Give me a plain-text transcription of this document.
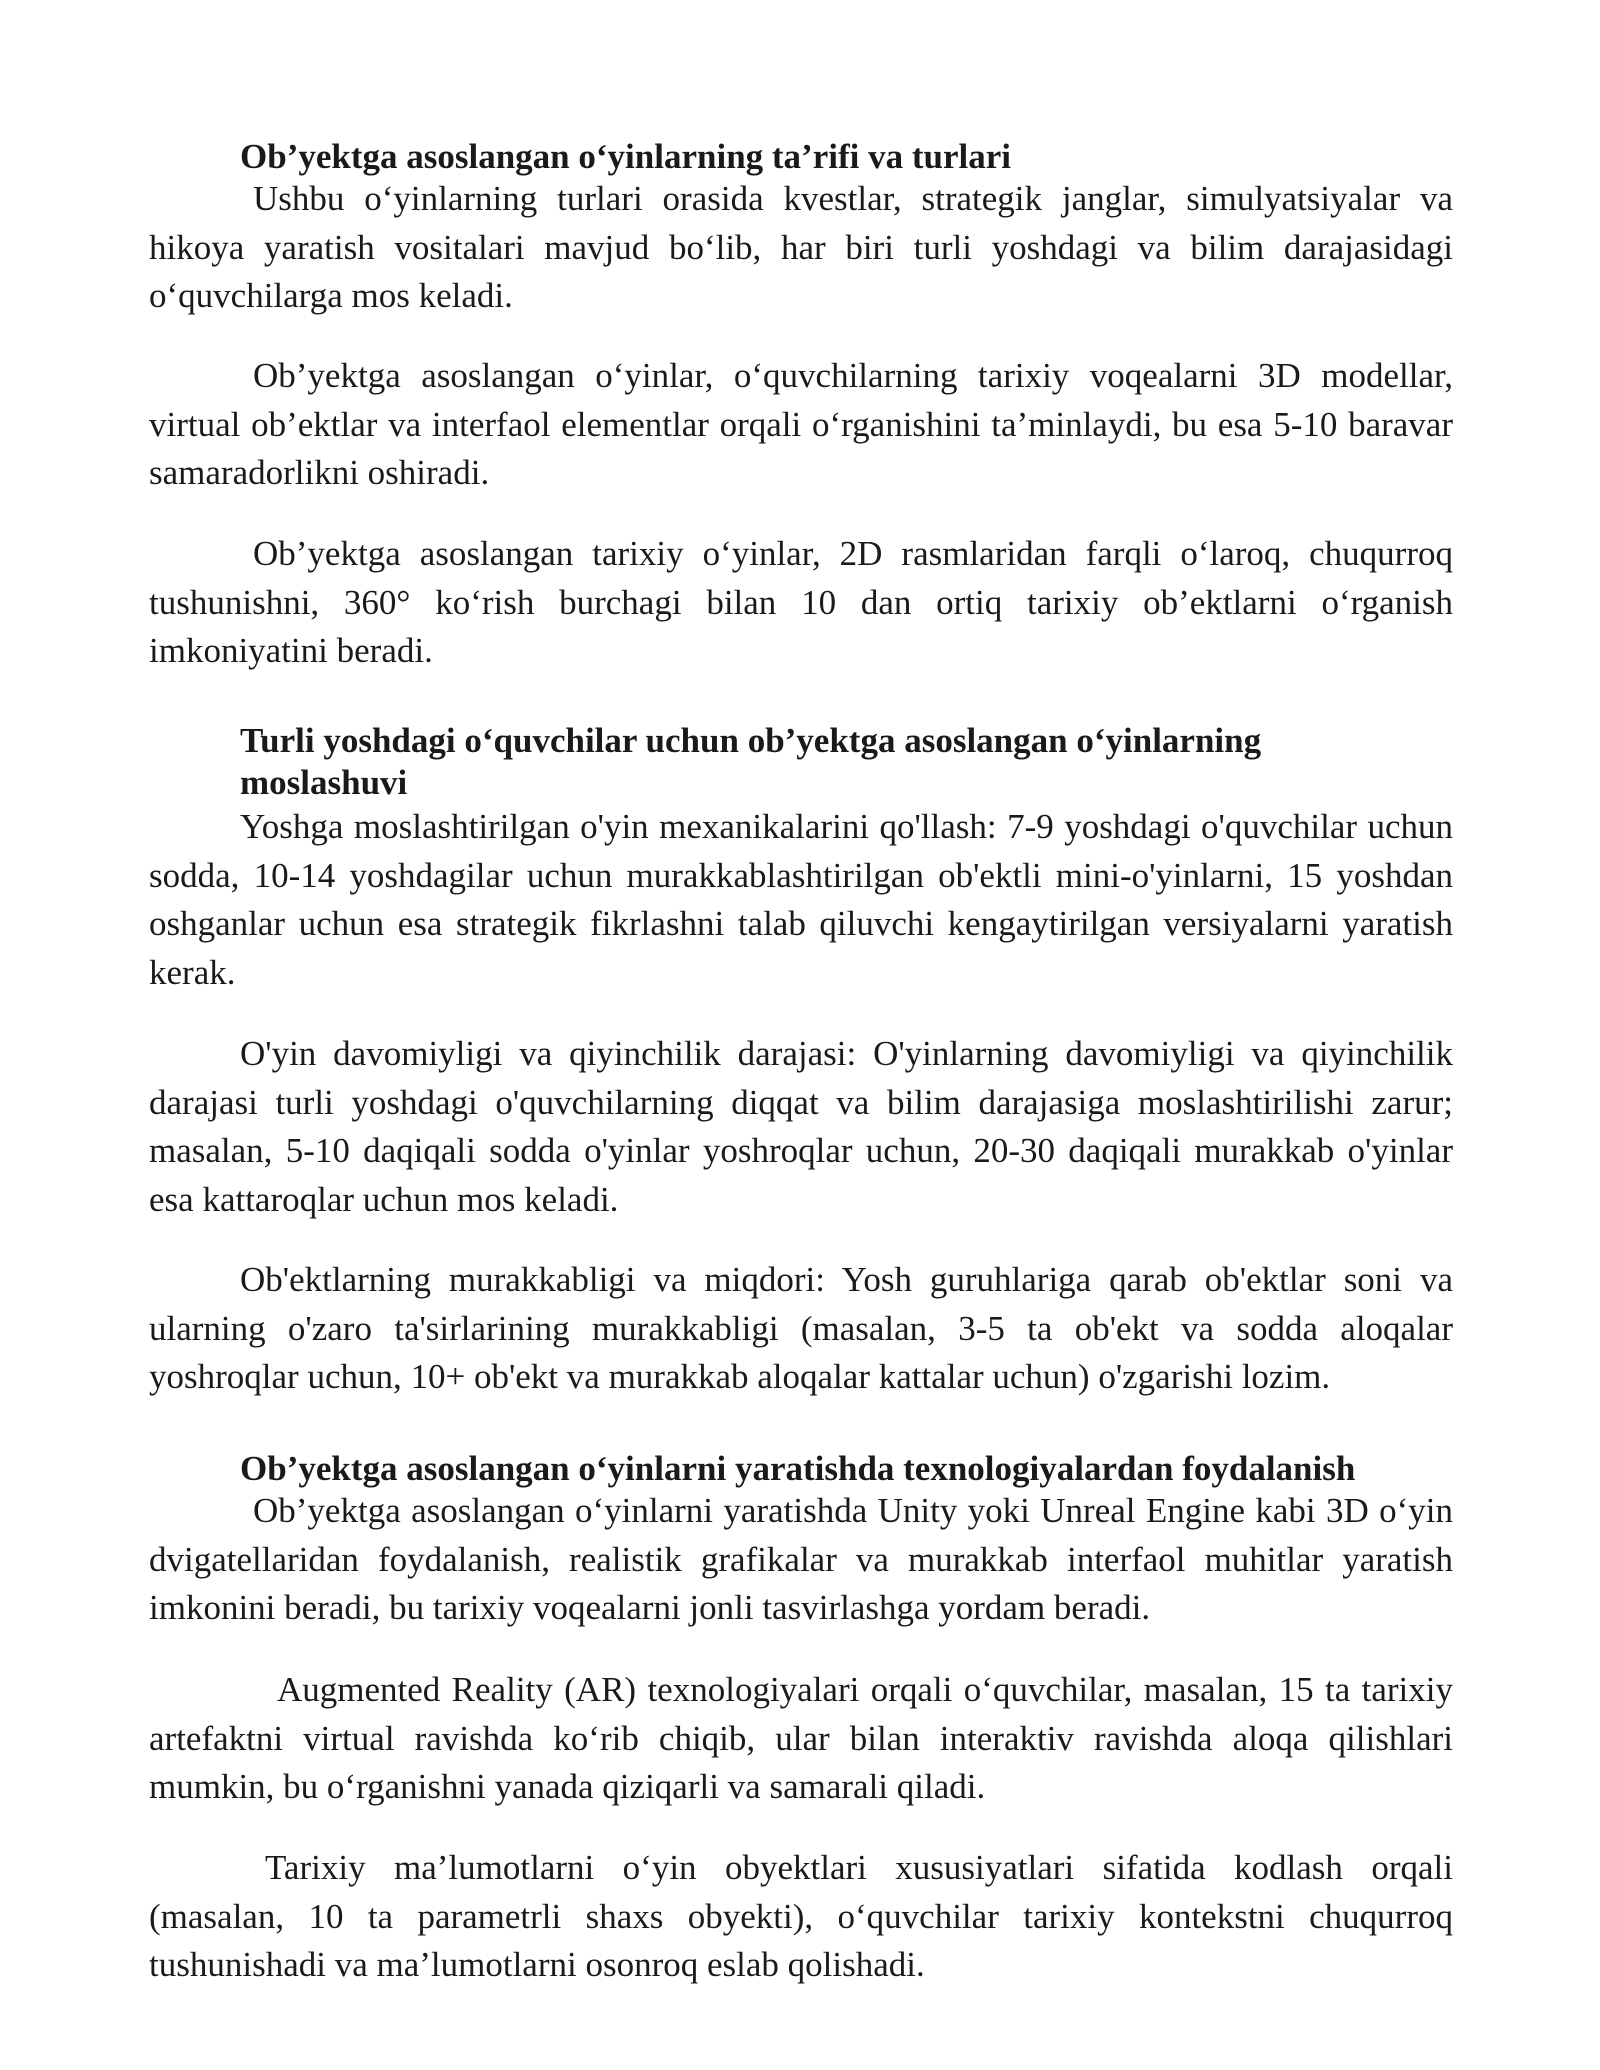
Ob’yektga asoslangan o‘yinlarning ta’rifi va turlari
Ushbu o‘yinlarning turlari orasida kvestlar, strategik janglar, simulyatsiyalar va hikoya yaratish vositalari mavjud bo‘lib, har biri turli yoshdagi va bilim darajasidagi o‘quvchilarga mos keladi.
Ob’yektga asoslangan o‘yinlar, o‘quvchilarning tarixiy voqealarni 3D modellar, virtual ob’ektlar va interfaol elementlar orqali o‘rganishini ta’minlaydi, bu esa 5-10 baravar samaradorlikni oshiradi.
Ob’yektga asoslangan tarixiy o‘yinlar, 2D rasmlaridan farqli o‘laroq, chuqurroq tushunishni, 360° ko‘rish burchagi bilan 10 dan ortiq tarixiy ob’ektlarni o‘rganish imkoniyatini beradi.
Turli yoshdagi o‘quvchilar uchun ob’yektga asoslangan o‘yinlarning
moslashuvi
Yoshga moslashtirilgan o'yin mexanikalarini qo'llash: 7-9 yoshdagi o'quvchilar uchun sodda, 10-14 yoshdagilar uchun murakkablashtirilgan ob'ektli mini-o'yinlarni, 15 yoshdan oshganlar uchun esa strategik fikrlashni talab qiluvchi kengaytirilgan versiyalarni yaratish kerak.
O'yin davomiyligi va qiyinchilik darajasi: O'yinlarning davomiyligi va qiyinchilik darajasi turli yoshdagi o'quvchilarning diqqat va bilim darajasiga moslashtirilishi zarur; masalan, 5-10 daqiqali sodda o'yinlar yoshroqlar uchun, 20-30 daqiqali murakkab o'yinlar esa kattaroqlar uchun mos keladi.
Ob'ektlarning murakkabligi va miqdori: Yosh guruhlariga qarab ob'ektlar soni va ularning o'zaro ta'sirlarining murakkabligi (masalan, 3-5 ta ob'ekt va sodda aloqalar yoshroqlar uchun, 10+ ob'ekt va murakkab aloqalar kattalar uchun) o'zgarishi lozim.
Ob’yektga asoslangan o‘yinlarni yaratishda texnologiyalardan foydalanish
Ob’yektga asoslangan o‘yinlarni yaratishda Unity yoki Unreal Engine kabi 3D o‘yin dvigatellaridan foydalanish, realistik grafikalar va murakkab interfaol muhitlar yaratish imkonini beradi, bu tarixiy voqealarni jonli tasvirlashga yordam beradi.
Augmented Reality (AR) texnologiyalari orqali o‘quvchilar, masalan, 15 ta tarixiy artefaktni virtual ravishda ko‘rib chiqib, ular bilan interaktiv ravishda aloqa qilishlari mumkin, bu o‘rganishni yanada qiziqarli va samarali qiladi.
Tarixiy ma’lumotlarni o‘yin obyektlari xususiyatlari sifatida kodlash orqali (masalan, 10 ta parametrli shaxs obyekti), o‘quvchilar tarixiy kontekstni chuqurroq tushunishadi va ma’lumotlarni osonroq eslab qolishadi.
